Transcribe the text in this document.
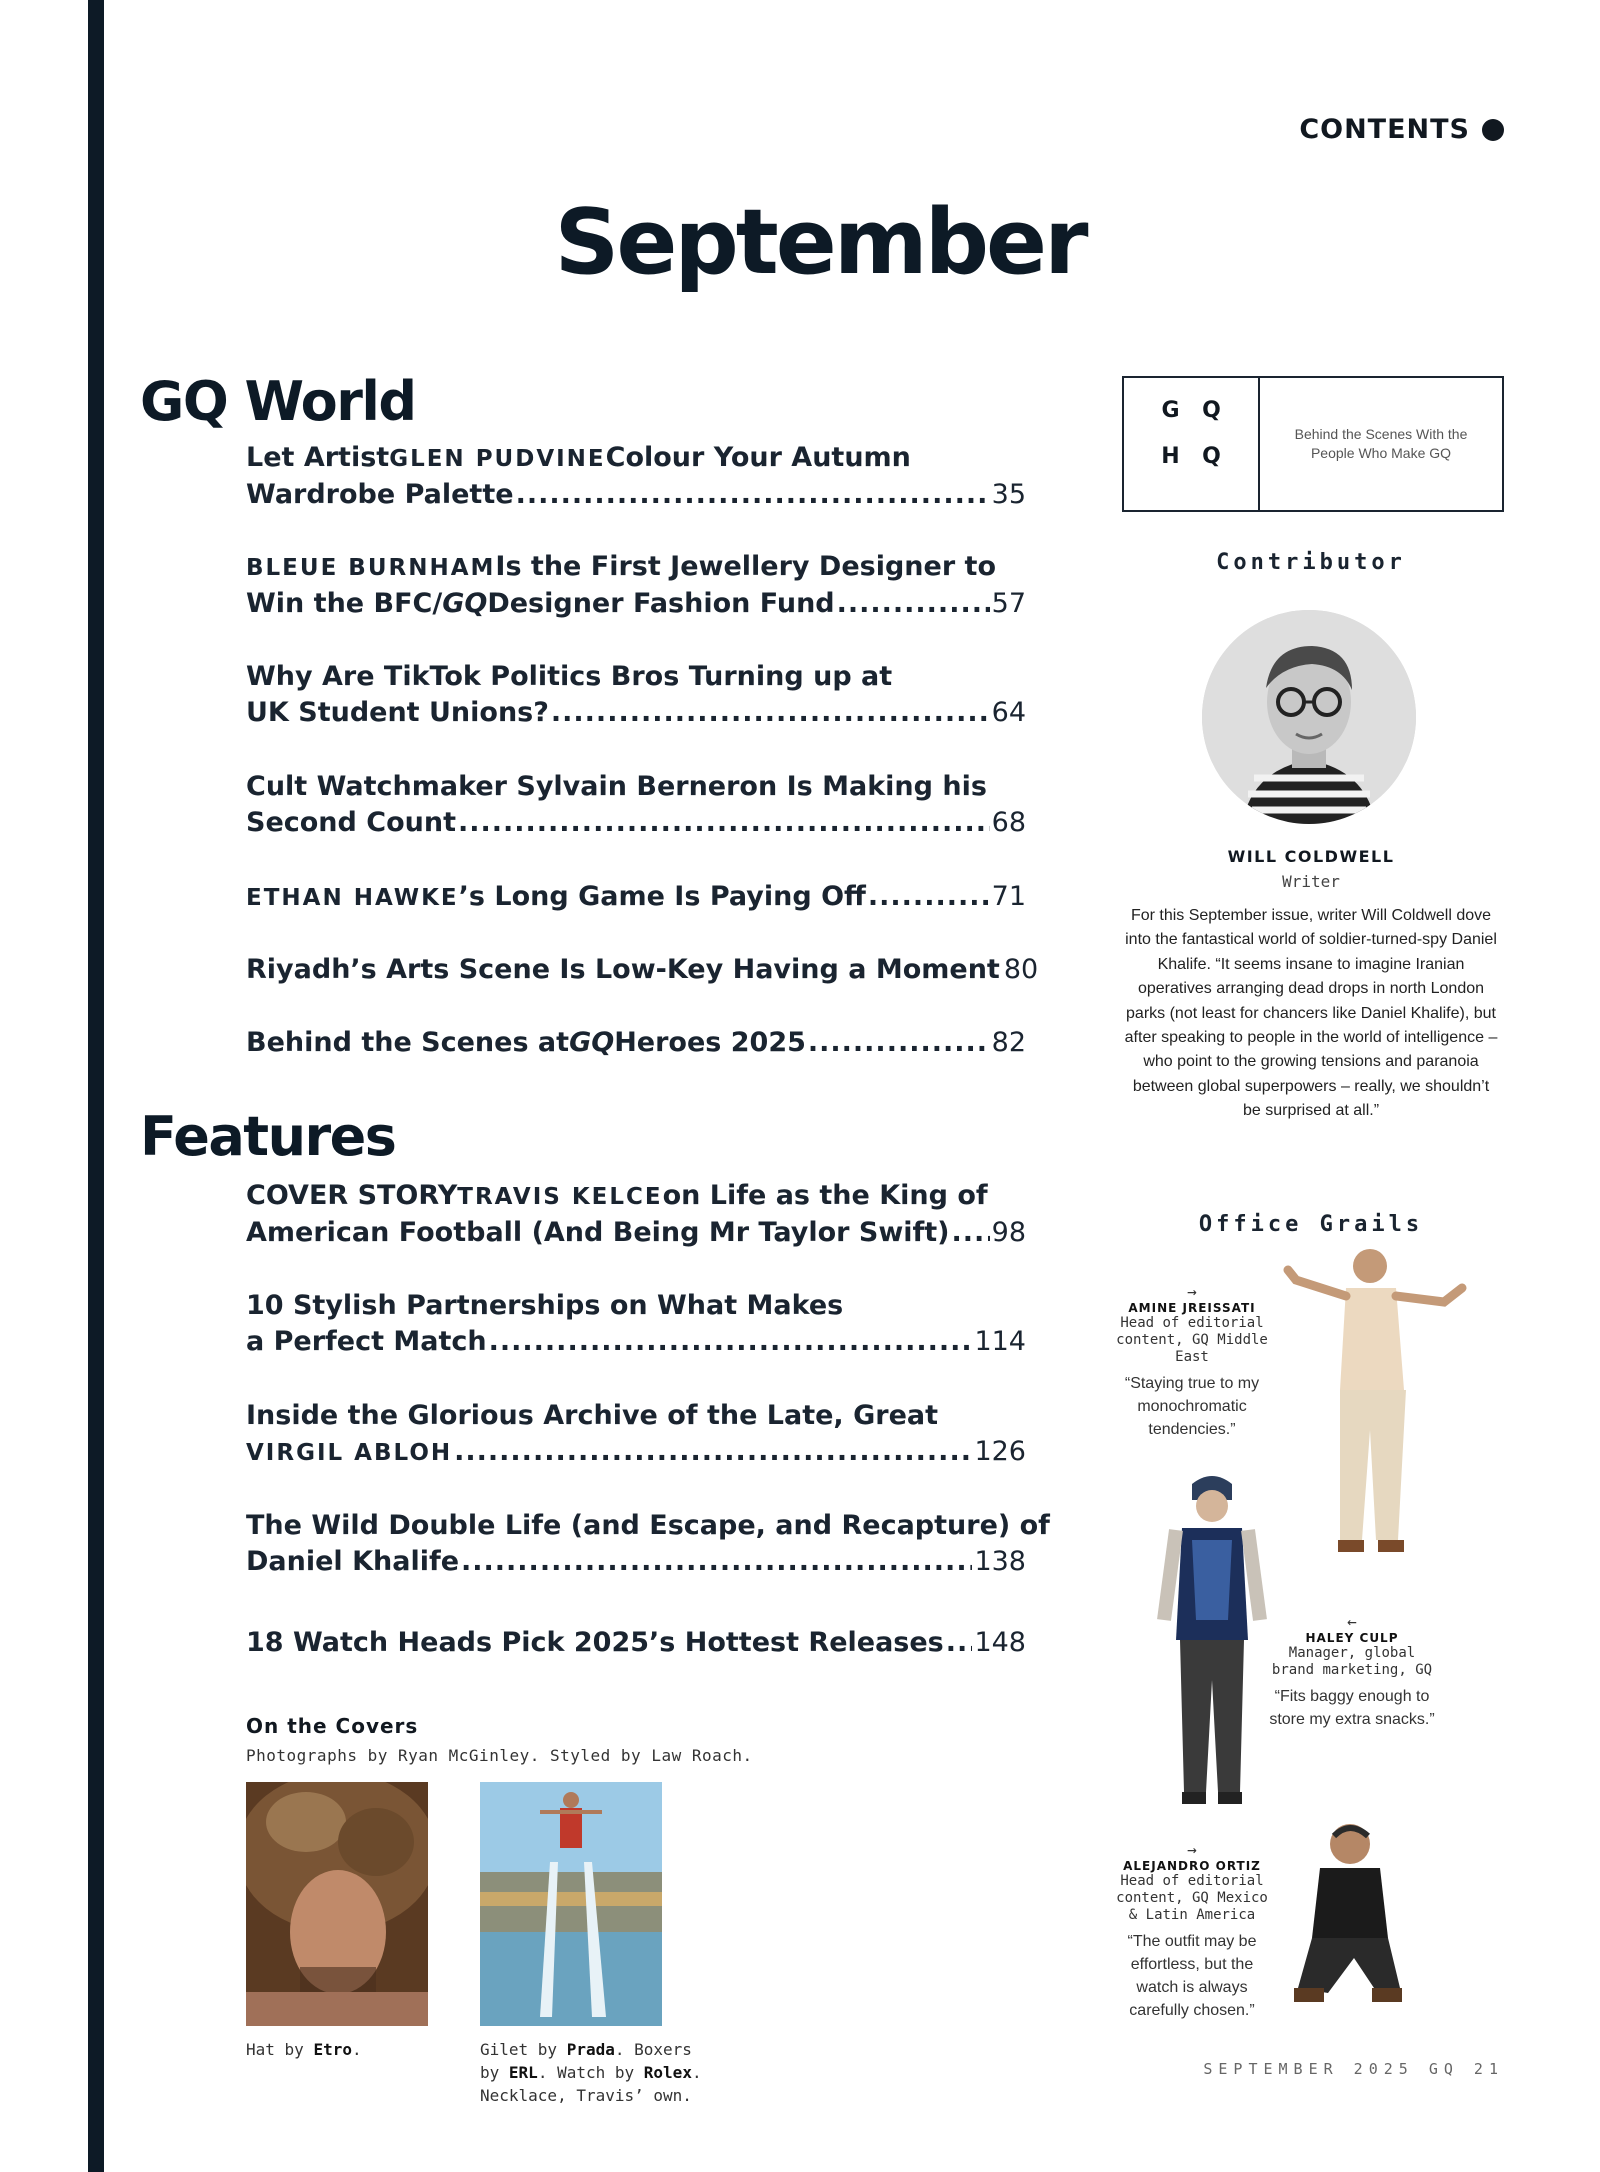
CONTENTS
September
GQ World
Let Artist GLEN PUDVINE Colour Your Autumn
Wardrobe Palette .....	35
BLEUE BURNHAM Is the First Jewellery Designer to
Win the BFC/ GQ Designer Fashion Fund .....	57
Why Are TikTok Politics Bros Turning up at
UK Student Unions? .....	64
Cult Watchmaker Sylvain Berneron Is Making his
Second Count .....	68
ETHAN HAWKE ’s Long Game Is Paying Off .....	71
Riyadh’s Arts Scene Is Low-Key Having a Moment 80
Behind the Scenes at GQ Heroes 2025 .....	82
Features
COVER STORY TRAVIS KELCE on Life as the King of
American Football (And Being Mr Taylor Swift) ..... 98
10 Stylish Partnerships on What Makes
a Perfect Match .....	114
Inside the Glorious Archive of the Late, Great
VIRGIL ABLOH .....	126
The Wild Double Life (and Escape, and Recapture) of
Daniel Khalife .....	138
18 Watch Heads Pick 2025’s Hottest Releases ..... 148
On the Covers
Photographs by Ryan McGinley. Styled by Law Roach.
Hat by Etro.	Gilet by Prada. Boxers
by ERL. Watch by Rolex.
Necklace, Travis’ own.
G	Q
H	Q
Behind the Scenes With the People Who Make GQ
Contributor
WILL COLDWELL
Writer
For this September issue, writer Will Coldwell dove into the fantastical world of soldier-turned-spy Daniel Khalife. “It seems insane to imagine Iranian operatives arranging dead drops in north London parks (not least for chancers like Daniel Khalife), but after speaking to people in the world of intelligence – who point to the growing tensions and paranoia between global superpowers – really, we shouldn’t be surprised at all.”
Office Grails
→
AMINE JREISSATI
Head of editorial content, GQ Middle East
“Staying true to my monochromatic tendencies.”
←
HALEY CULP
Manager, global brand marketing, GQ
“Fits baggy enough to store my extra snacks.”
→
ALEJANDRO ORTIZ
Head of editorial content, GQ Mexico & Latin America
“The outfit may be effortless, but the watch is always carefully chosen.”
SEPTEMBER 2025 GQ 21
